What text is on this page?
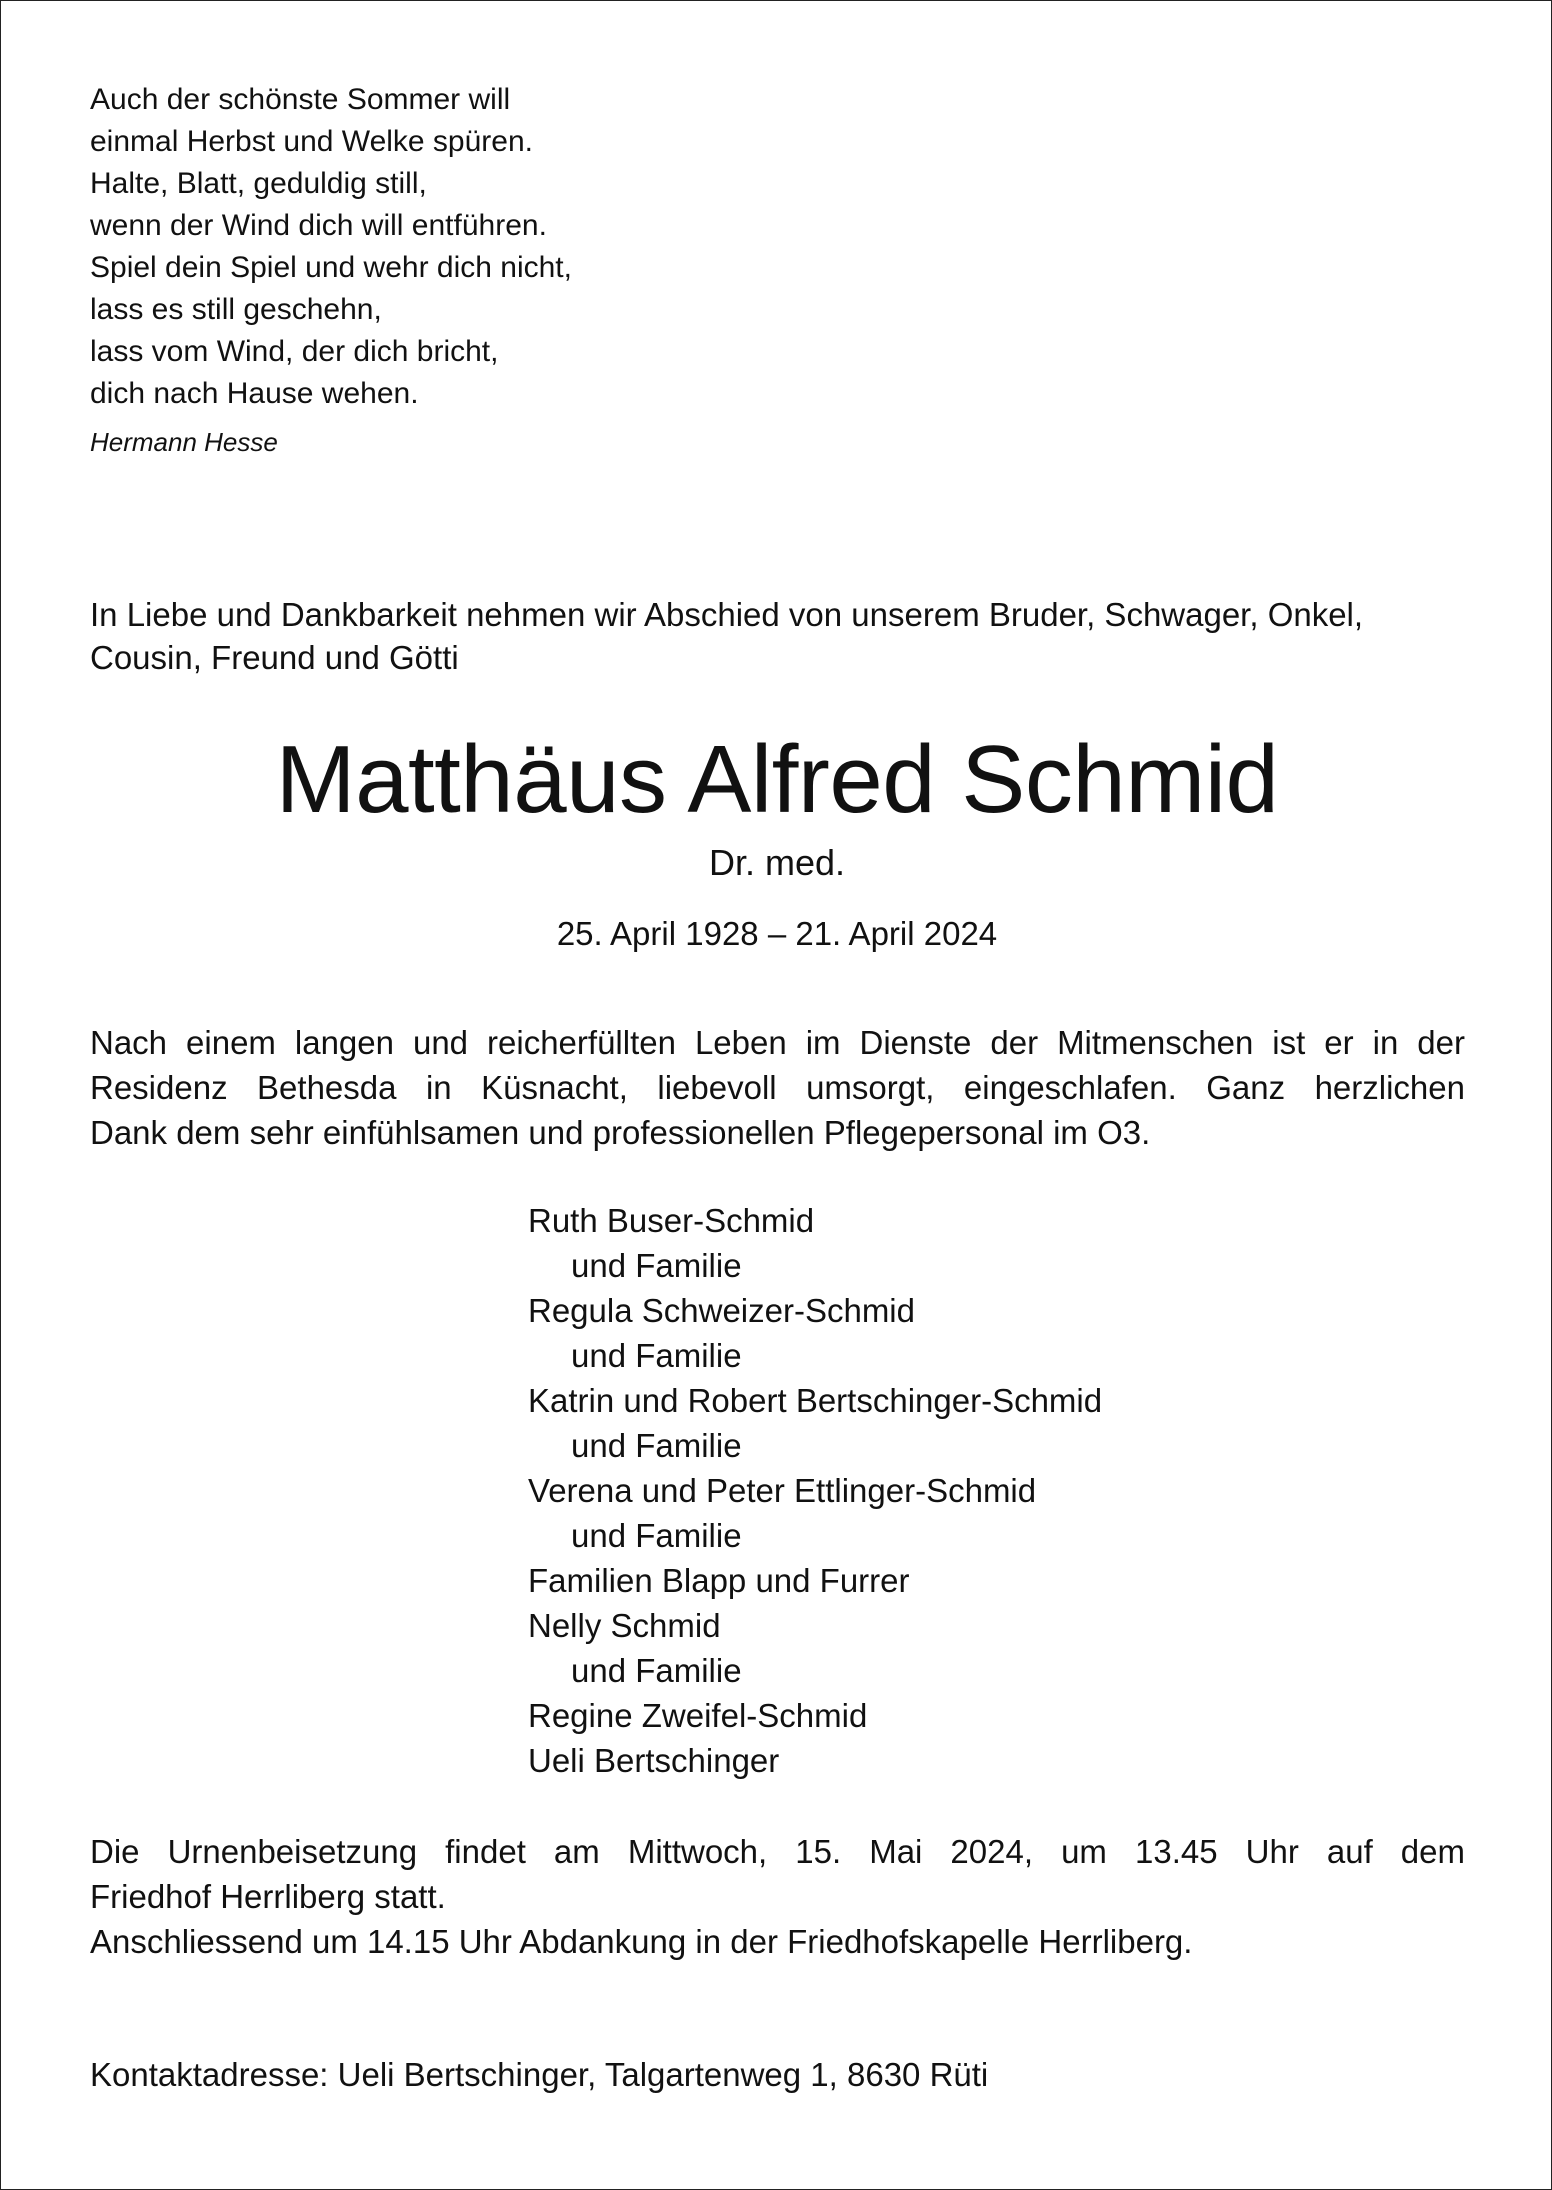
Auch der schönste Sommer will
einmal Herbst und Welke spüren.
Halte, Blatt, geduldig still,
wenn der Wind dich will entführen.
Spiel dein Spiel und wehr dich nicht,
lass es still geschehn,
lass vom Wind, der dich bricht,
dich nach Hause wehen.
Hermann Hesse

In Liebe und Dankbarkeit nehmen wir Abschied von unserem Bruder, Schwager, Onkel,
Cousin, Freund und Götti

Matthäus Alfred Schmid

Dr. med.

25. April 1928 – 21. April 2024

Nach einem langen und reicherfüllten Leben im Dienste der Mitmenschen ist er in der
Residenz Bethesda in Küsnacht, liebevoll umsorgt, eingeschlafen. Ganz herzlichen
Dank dem sehr einfühlsamen und professionellen Pflegepersonal im O3.

Ruth Buser-Schmid
und Familie
Regula Schweizer-Schmid
und Familie
Katrin und Robert Bertschinger-Schmid
und Familie
Verena und Peter Ettlinger-Schmid
und Familie
Familien Blapp und Furrer
Nelly Schmid
und Familie
Regine Zweifel-Schmid
Ueli Bertschinger

Die Urnenbeisetzung findet am Mittwoch, 15. Mai 2024, um 13.45 Uhr auf dem
Friedhof Herrliberg statt.
Anschliessend um 14.15 Uhr Abdankung in der Friedhofskapelle Herrliberg.

Kontaktadresse: Ueli Bertschinger, Talgartenweg 1, 8630 Rüti
